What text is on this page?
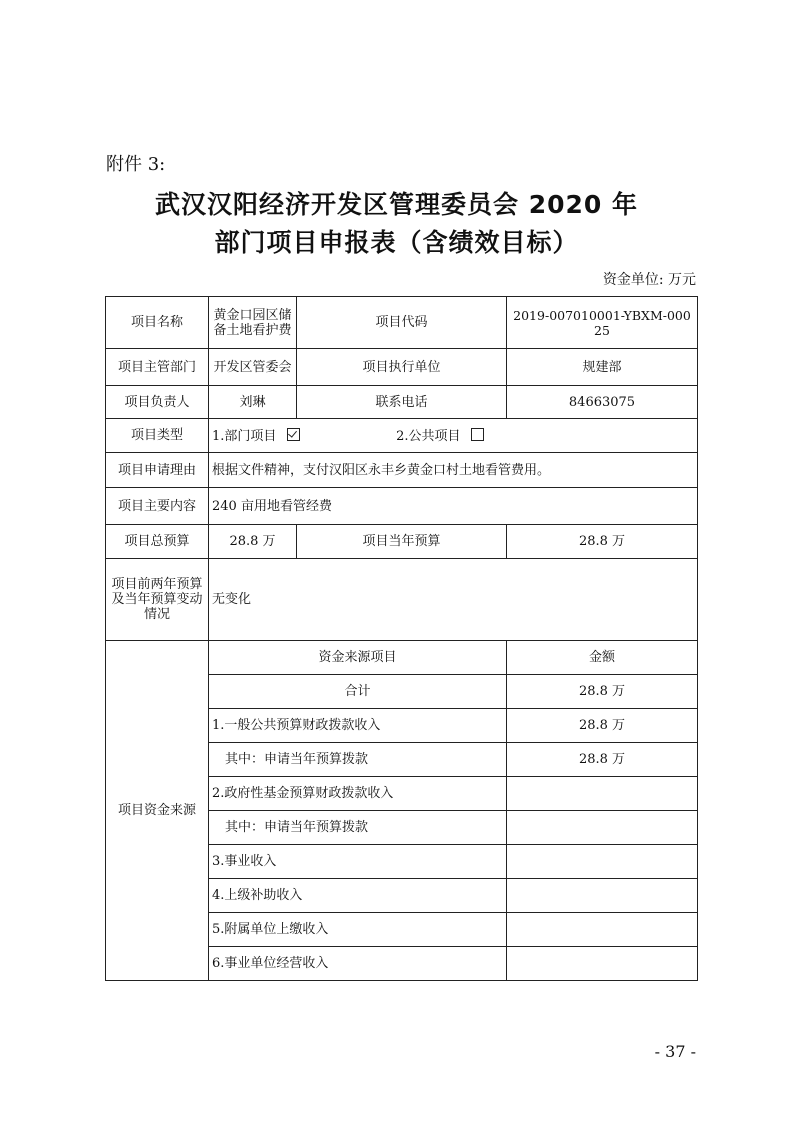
附件 3:
武汉汉阳经济开发区管理委员会 2020 年
部门项目申报表（含绩效目标）
资金单位: 万元
项目名称	黄金口园区储备土地看护费	项目代码	2019-007010001-YBXM-00025
项目主管部门	开发区管委会	项目执行单位	规建部
项目负责人	刘琳	联系电话	84663075
项目类型	1.部门项目 2.公共项目		
项目申请理由	根据文件精神，支付汉阳区永丰乡黄金口村土地看管费用。		
项目主要内容	240 亩用地看管经费		
项目总预算	28.8 万	项目当年预算	28.8 万
项目前两年预算及当年预算变动情况	无变化		
项目资金来源	资金来源项目		金额
	合计		28.8 万
	1.一般公共预算财政拨款收入		28.8 万
	其中：申请当年预算拨款		28.8 万
	2.政府性基金预算财政拨款收入		
	其中：申请当年预算拨款		
	3.事业收入		
	4.上级补助收入		
	5.附属单位上缴收入		
	6.事业单位经营收入		
- 37 -
